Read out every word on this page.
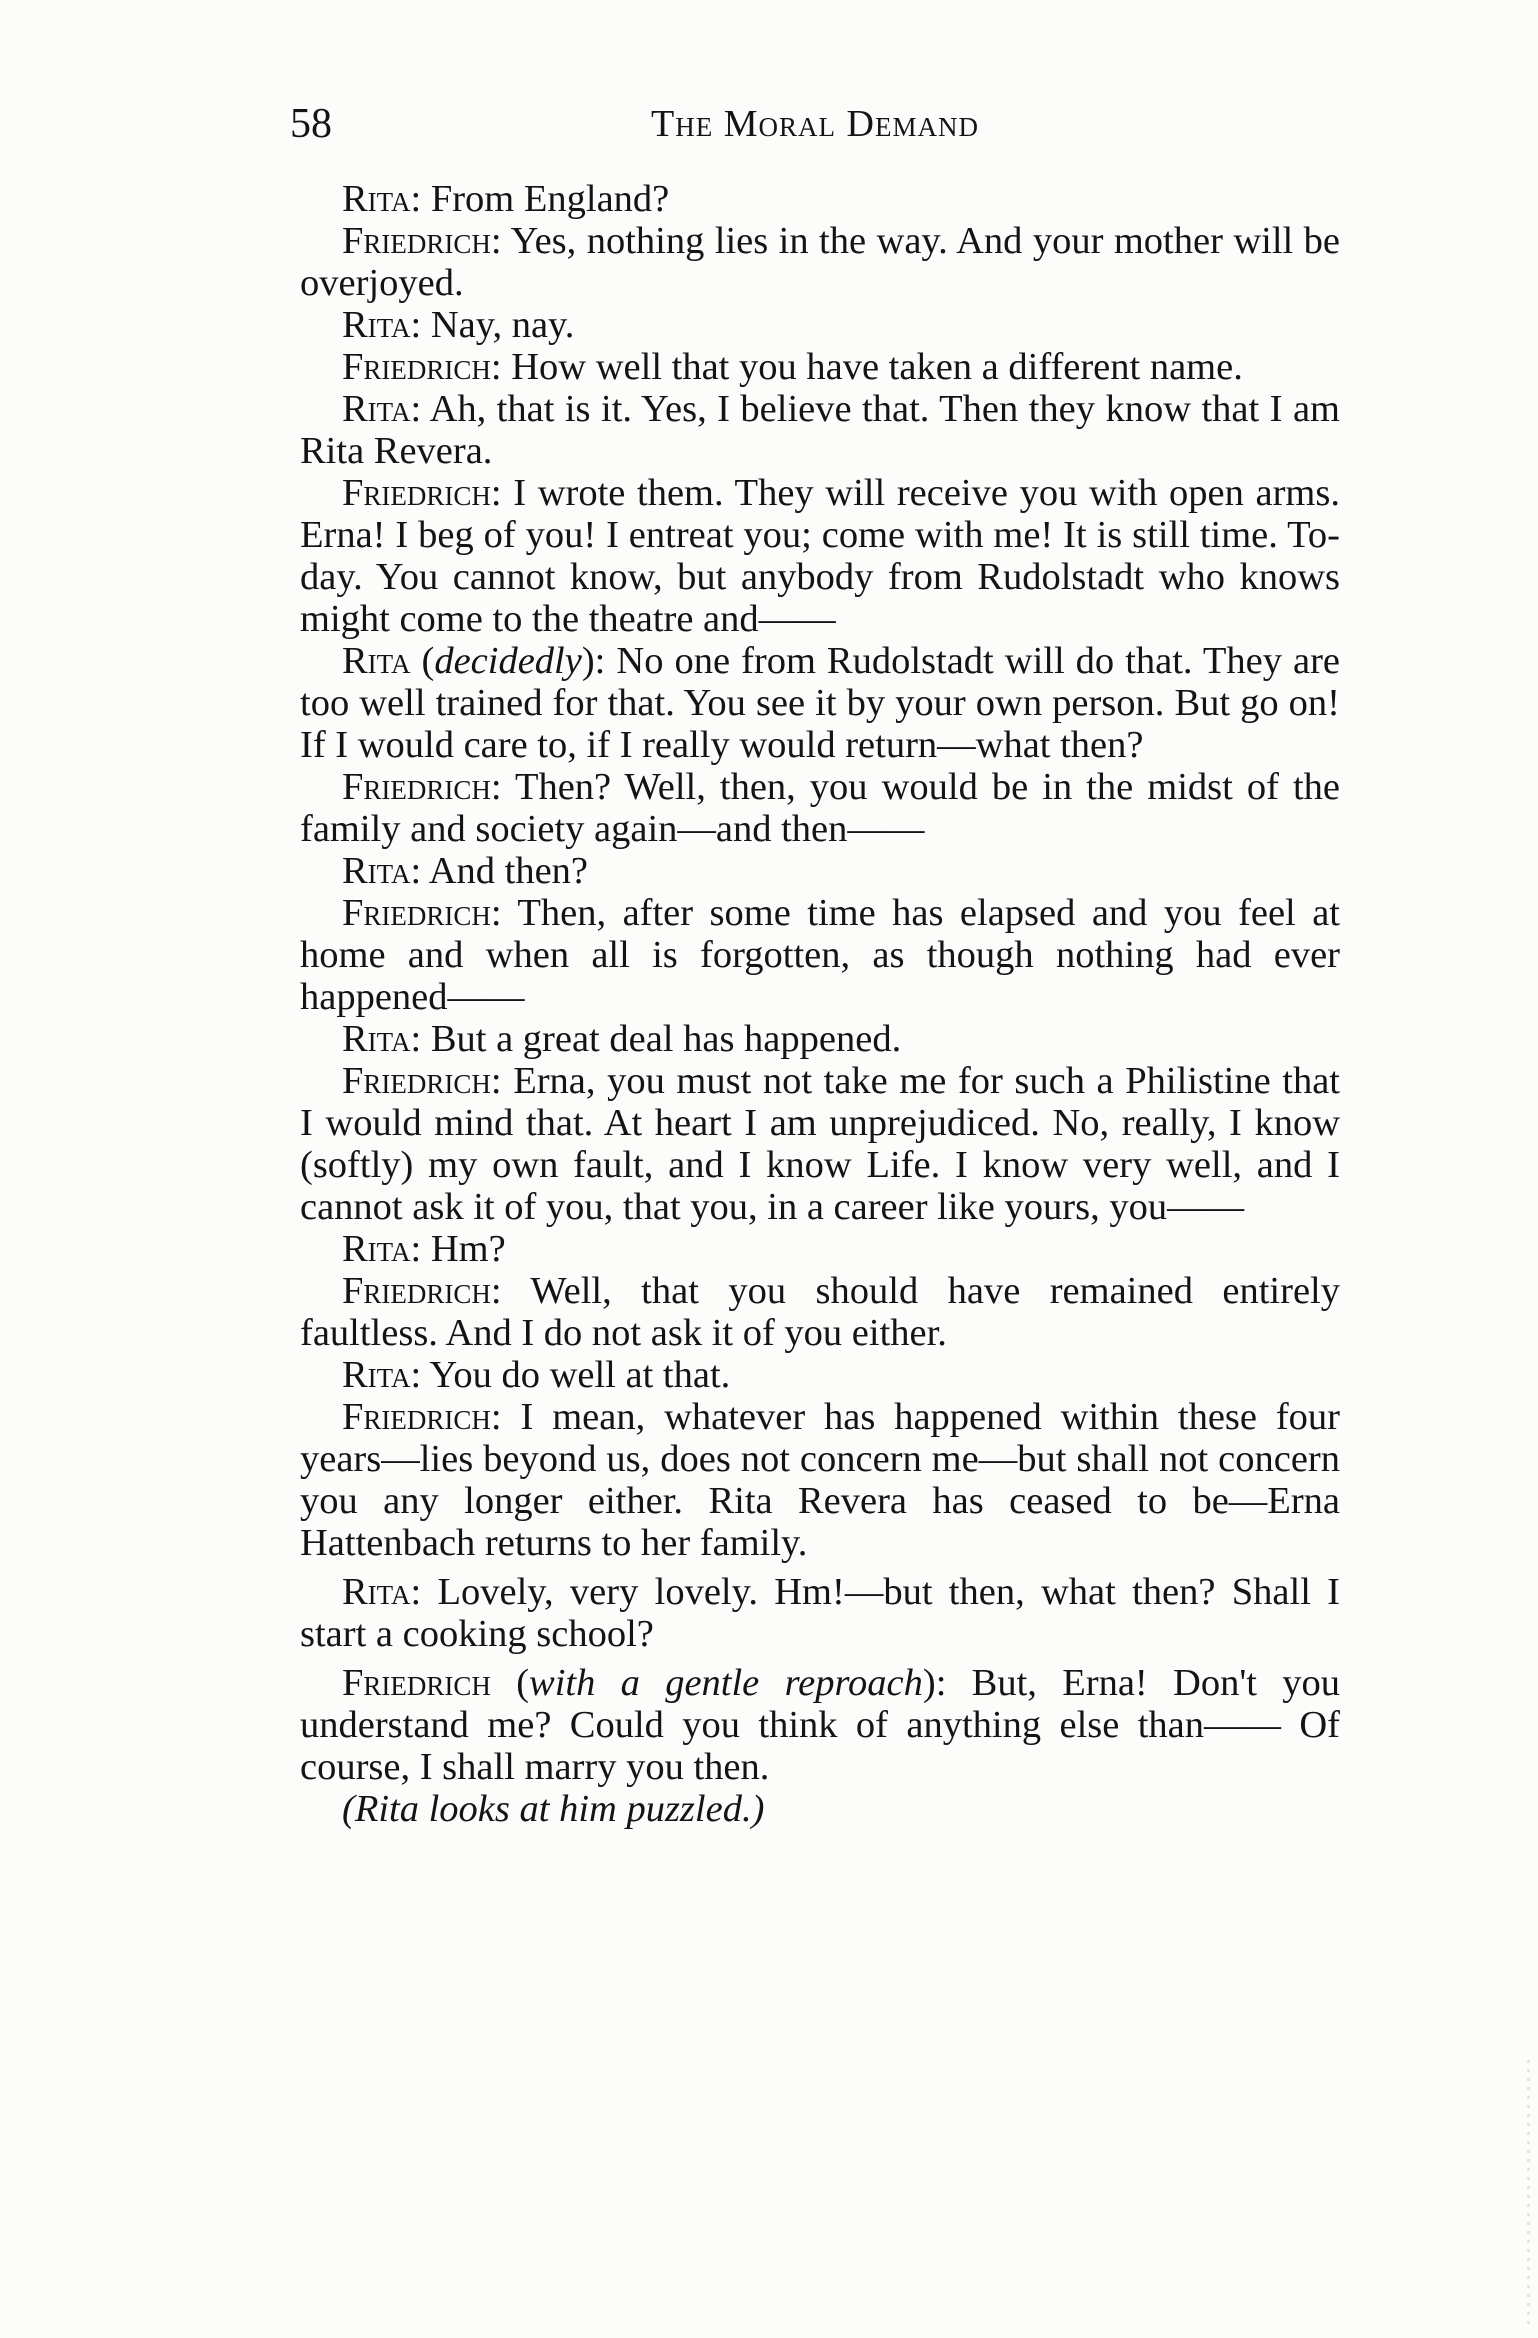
58	The Moral Demand

Rita: From England?

Friedrich: Yes, nothing lies in the way. And your mother will be overjoyed.

Rita: Nay, nay.

Friedrich: How well that you have taken a different name.

Rita: Ah, that is it. Yes, I believe that. Then they know that I am Rita Revera.

Friedrich: I wrote them. They will receive you with open arms. Erna! I beg of you! I entreat you; come with me! It is still time. To-day. You cannot know, but anybody from Rudolstadt who knows might come to the theatre and——

Rita (decidedly): No one from Rudolstadt will do that. They are too well trained for that. You see it by your own person. But go on! If I would care to, if I really would return—what then?

Friedrich: Then? Well, then, you would be in the midst of the family and society again—and then——

Rita: And then?

Friedrich: Then, after some time has elapsed and you feel at home and when all is forgotten, as though nothing had ever happened——

Rita: But a great deal has happened.

Friedrich: Erna, you must not take me for such a Philistine that I would mind that. At heart I am unprejudiced. No, really, I know (softly) my own fault, and I know Life. I know very well, and I cannot ask it of you, that you, in a career like yours, you——

Rita: Hm?

Friedrich: Well, that you should have remained entirely faultless. And I do not ask it of you either.

Rita: You do well at that.

Friedrich: I mean, whatever has happened within these four years—lies beyond us, does not concern me—but shall not concern you any longer either. Rita Revera has ceased to be—Erna Hattenbach returns to her family.

Rita: Lovely, very lovely. Hm!—but then, what then? Shall I start a cooking school?

Friedrich (with a gentle reproach): But, Erna! Don't you understand me? Could you think of anything else than—— Of course, I shall marry you then.

(Rita looks at him puzzled.)
